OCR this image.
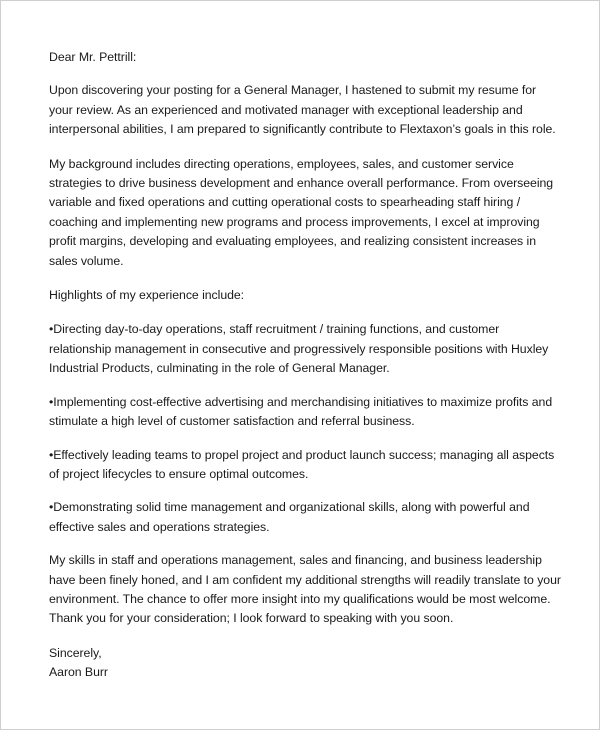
Dear Mr. Pettrill:

Upon discovering your posting for a General Manager, I hastened to submit my resume for your review. As an experienced and motivated manager with exceptional leadership and interpersonal abilities, I am prepared to significantly contribute to Flextaxon’s goals in this role.

My background includes directing operations, employees, sales, and customer service strategies to drive business development and enhance overall performance. From overseeing variable and fixed operations and cutting operational costs to spearheading staff hiring / coaching and implementing new programs and process improvements, I excel at improving profit margins, developing and evaluating employees, and realizing consistent increases in sales volume.

Highlights of my experience include:

•Directing day-to-day operations, staff recruitment / training functions, and customer relationship management in consecutive and progressively responsible positions with Huxley Industrial Products, culminating in the role of General Manager.

•Implementing cost-effective advertising and merchandising initiatives to maximize profits and stimulate a high level of customer satisfaction and referral business.

•Effectively leading teams to propel project and product launch success; managing all aspects of project lifecycles to ensure optimal outcomes.

•Demonstrating solid time management and organizational skills, along with powerful and effective sales and operations strategies.

My skills in staff and operations management, sales and financing, and business leadership have been finely honed, and I am confident my additional strengths will readily translate to your environment. The chance to offer more insight into my qualifications would be most welcome. Thank you for your consideration; I look forward to speaking with you soon.

Sincerely,

Aaron Burr
